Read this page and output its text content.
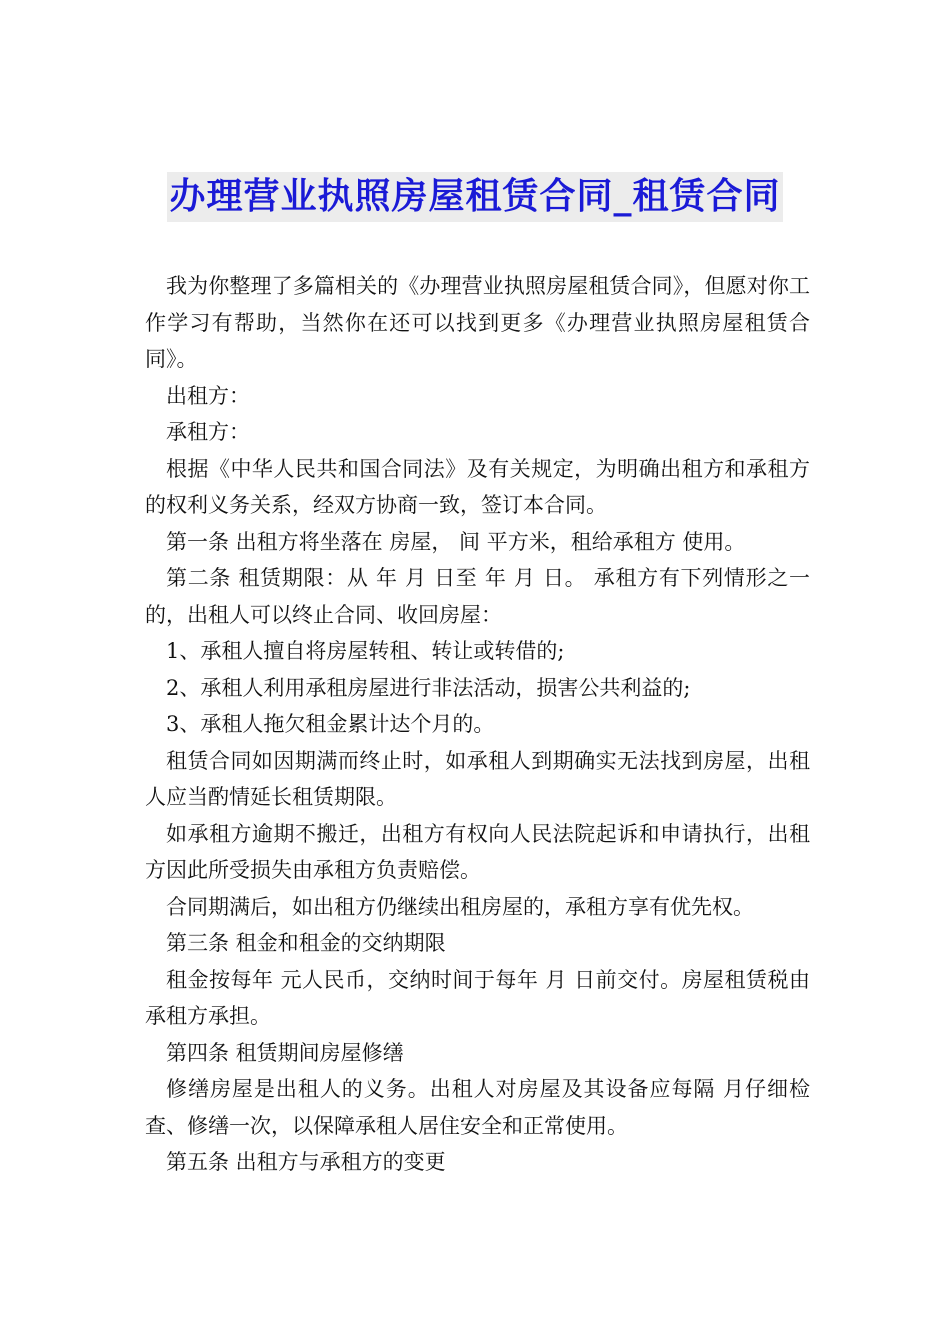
办理营业执照房屋租赁合同_租赁合同

我为你整理了多篇相关的《办理营业执照房屋租赁合同》，但愿对你工作学习有帮助，当然你在还可以找到更多《办理营业执照房屋租赁合同》。

出租方：

承租方：

根据《中华人民共和国合同法》及有关规定，为明确出租方和承租方的权利义务关系，经双方协商一致，签订本合同。

第一条 出租方将坐落在 房屋， 间 平方米，租给承租方 使用。

第二条 租赁期限：从 年 月 日至 年 月 日。 承租方有下列情形之一的，出租人可以终止合同、收回房屋：

1、承租人擅自将房屋转租、转让或转借的;

2、承租人利用承租房屋进行非法活动，损害公共利益的;

3、承租人拖欠租金累计达个月的。

租赁合同如因期满而终止时，如承租人到期确实无法找到房屋，出租人应当酌情延长租赁期限。

如承租方逾期不搬迁，出租方有权向人民法院起诉和申请执行，出租方因此所受损失由承租方负责赔偿。

合同期满后，如出租方仍继续出租房屋的，承租方享有优先权。

第三条 租金和租金的交纳期限

租金按每年 元人民币，交纳时间于每年 月 日前交付。房屋租赁税由承租方承担。

第四条 租赁期间房屋修缮

修缮房屋是出租人的义务。出租人对房屋及其设备应每隔 月仔细检查、修缮一次，以保障承租人居住安全和正常使用。

第五条 出租方与承租方的变更
